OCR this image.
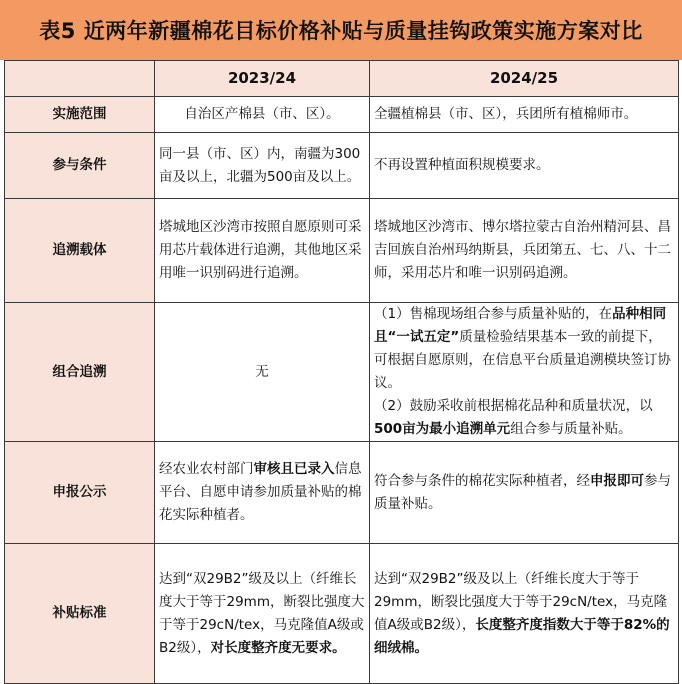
表5 近两年新疆棉花目标价格补贴与质量挂钩政策实施方案对比
	2023/24	2024/25
实施范围	自治区产棉县（市、区）。	全疆植棉县（市、区），兵团所有植棉师市。
参与条件	同一县（市、区）内，南疆为300亩及以上，北疆为500亩及以上。	不再设置种植面积规模要求。
追溯载体	塔城地区沙湾市按照自愿原则可采用芯片载体进行追溯，其他地区采用唯一识别码进行追溯。	塔城地区沙湾市、博尔塔拉蒙古自治州精河县、昌吉回族自治州玛纳斯县，兵团第五、七、八、十二师，采用芯片和唯一识别码追溯。
组合追溯	无	（1）售棉现场组合参与质量补贴的，在品种相同且“一试五定”质量检验结果基本一致的前提下，可根据自愿原则，在信息平台质量追溯模块签订协议。
（2）鼓励采收前根据棉花品种和质量状况，以500亩为最小追溯单元组合参与质量补贴。

申报公示	经农业农村部门审核且已录入信息平台、自愿申请参加质量补贴的棉花实际种植者。	符合参与条件的棉花实际种植者，经申报即可参与质量补贴。
补贴标准	达到“双29B2”级及以上（纤维长度大于等于29mm，断裂比强度大于等于29cN/tex，马克隆值A级或B2级），对长度整齐度无要求。	达到“双29B2”级及以上（纤维长度大于等于29mm，断裂比强度大于等于29cN/tex，马克隆值A级或B2级），长度整齐度指数大于等于82%的细绒棉。
